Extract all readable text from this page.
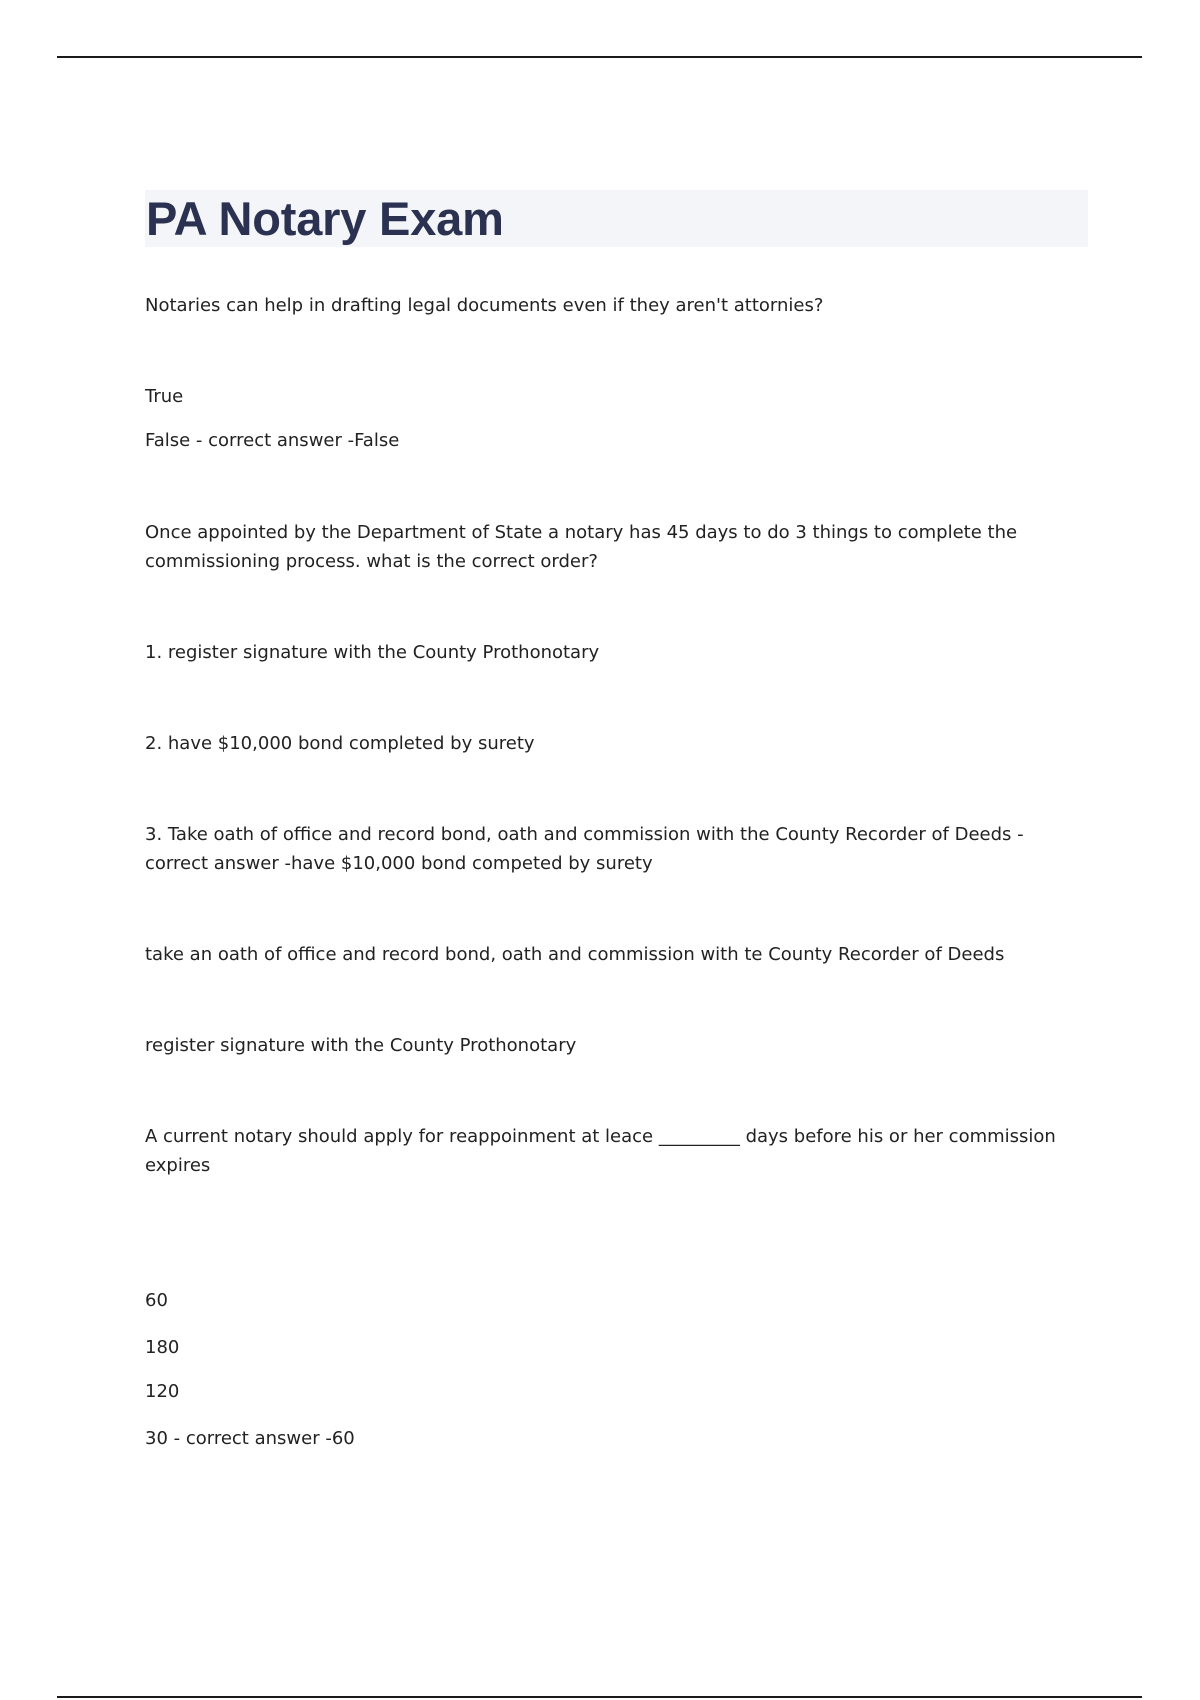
PA Notary Exam

Notaries can help in drafting legal documents even if they aren't attornies?

True

False - correct answer -False

Once appointed by the Department of State a notary has 45 days to do 3 things to complete the commissioning process. what is the correct order?

1. register signature with the County Prothonotary

2. have $10,000 bond completed by surety

3. Take oath of office and record bond, oath and commission with the County Recorder of Deeds - correct answer -have $10,000 bond competed by surety

take an oath of office and record bond, oath and commission with te County Recorder of Deeds

register signature with the County Prothonotary

A current notary should apply for reappoinment at leace _________ days before his or her commission expires

60

180

120

30 - correct answer -60
